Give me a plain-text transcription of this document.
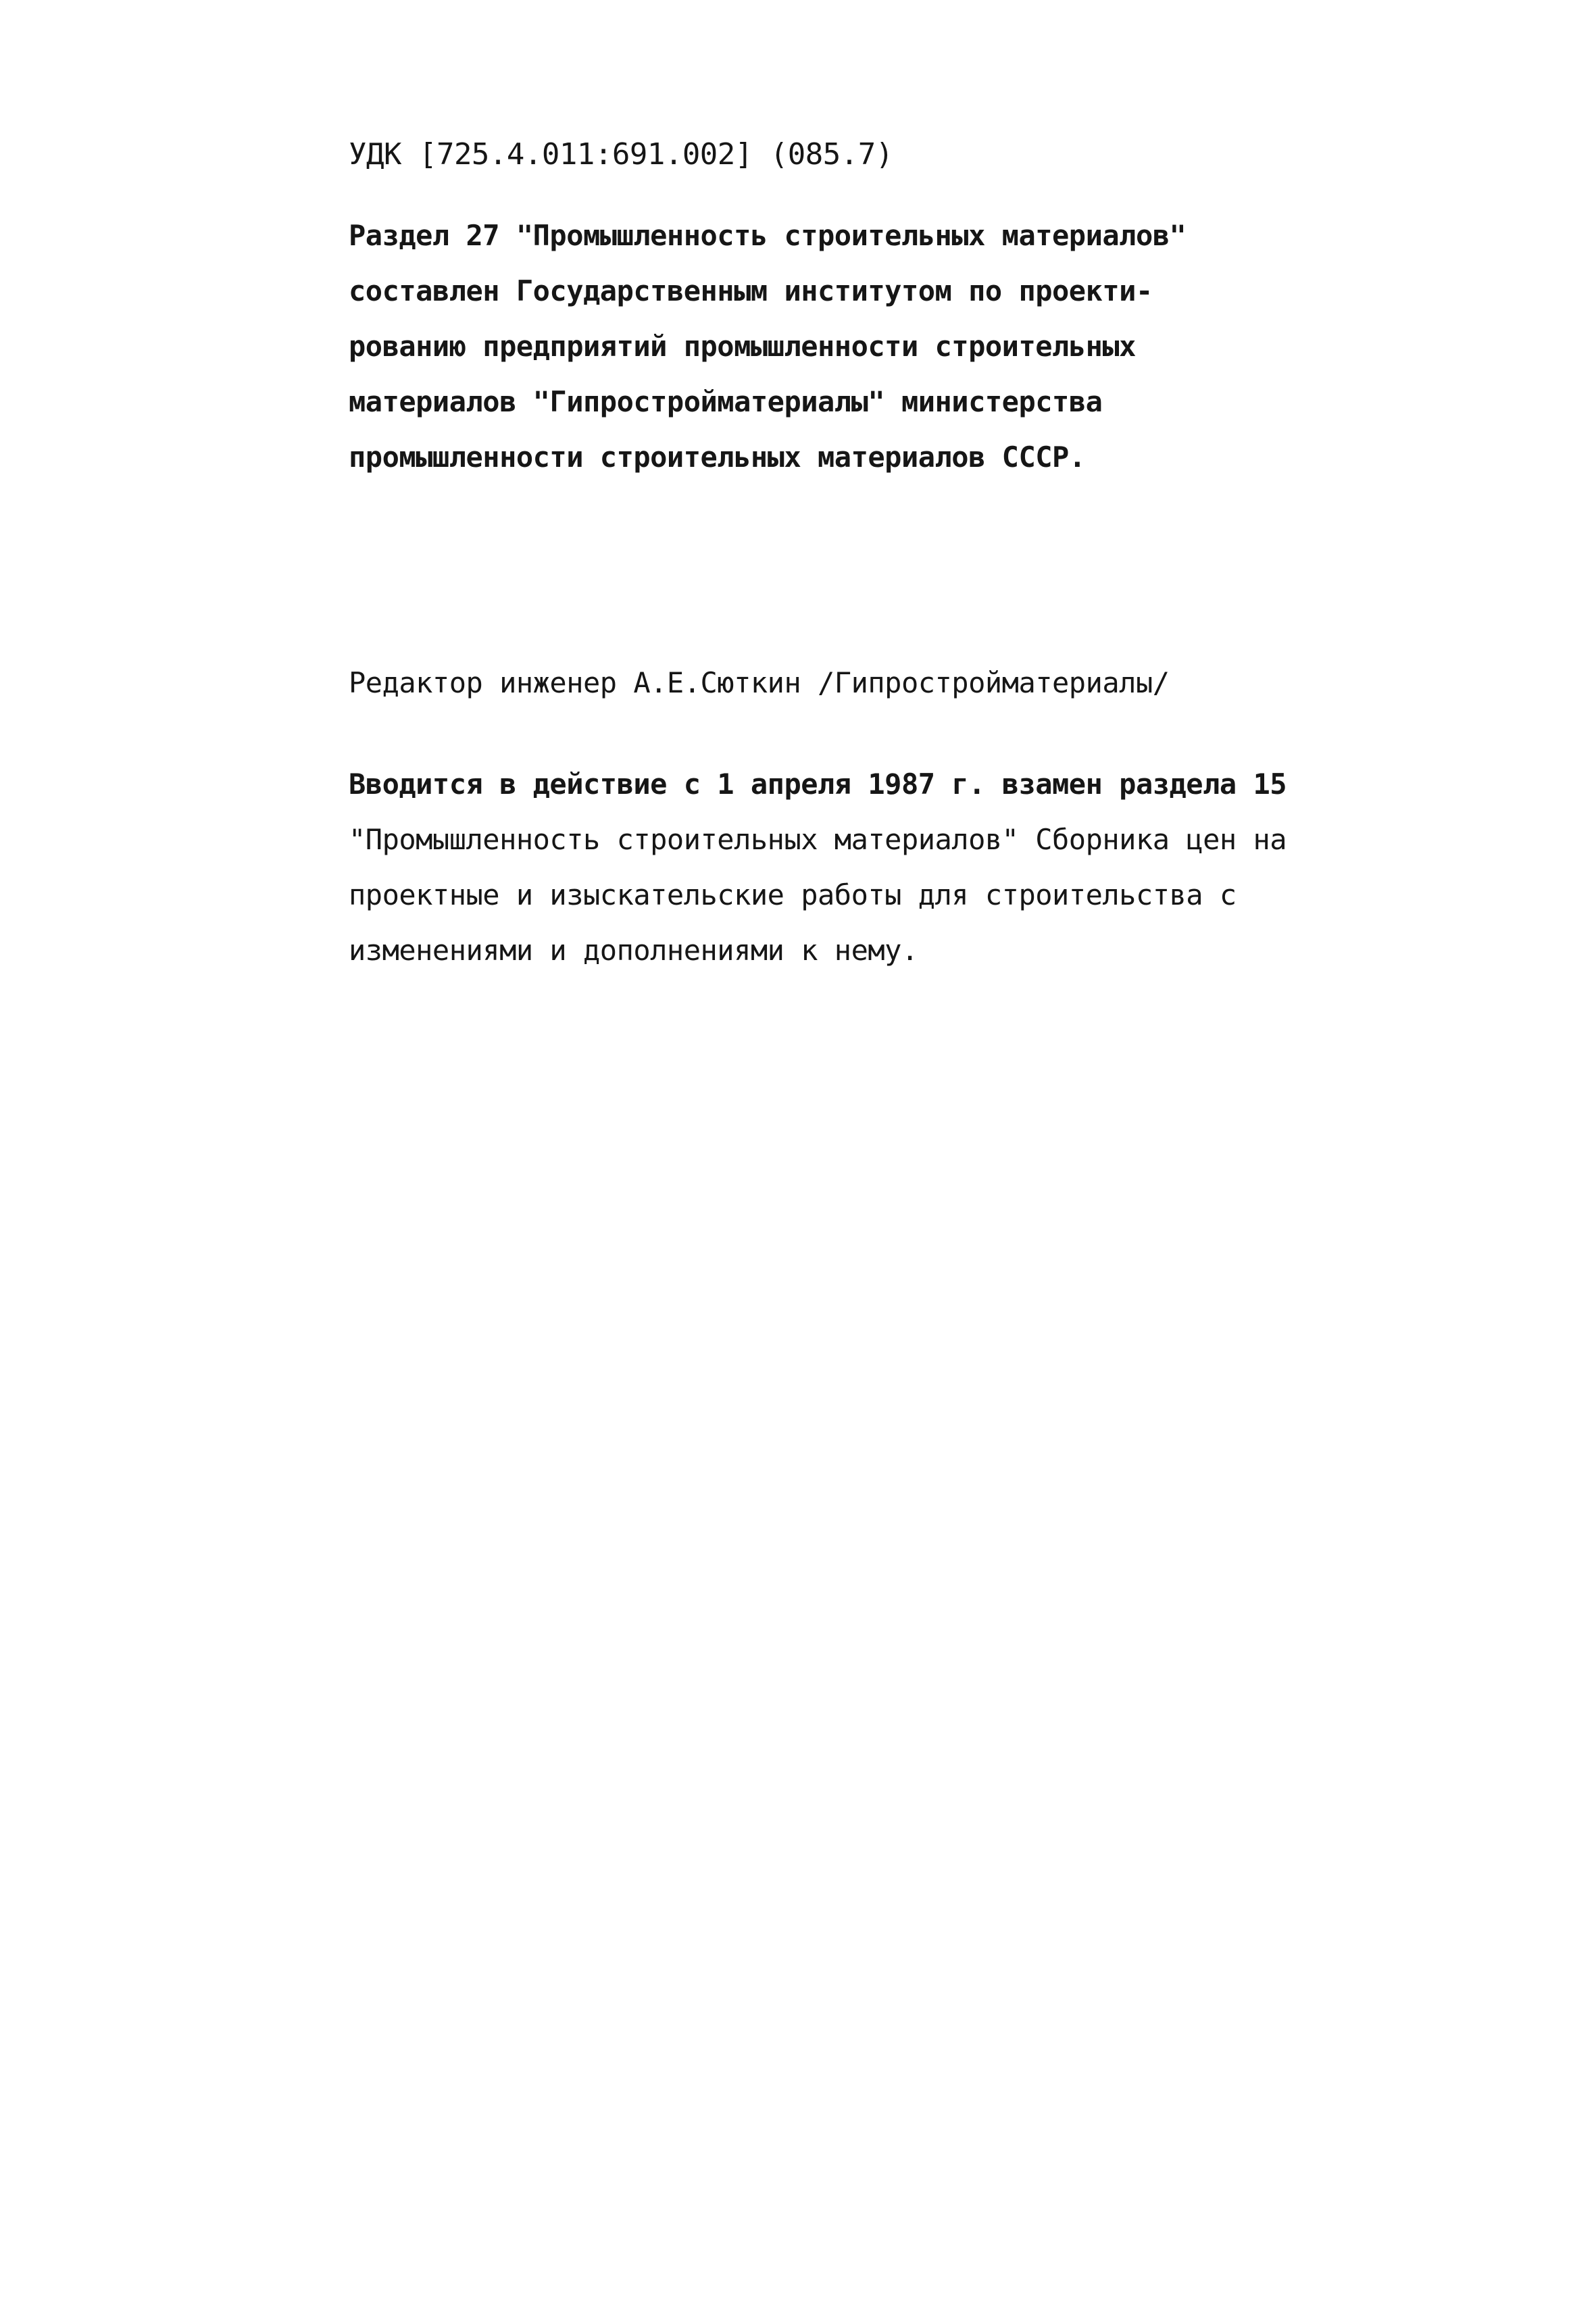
УДК [725.4.011:691.002] (085.7)
Раздел 27 "Промышленность строительных материалов"
составлен Государственным институтом по проекти-
рованию предприятий промышленности строительных
материалов "Гипростройматериалы" министерства
промышленности строительных материалов СССР.
Редактор инженер А.Е.Сюткин /Гипростройматериалы/
Вводится в действие с 1 апреля 1987 г. взамен раздела 15
"Промышленность строительных материалов" Сборника цен на
проектные и изыскательские работы для строительства с
изменениями и дополнениями к нему.
